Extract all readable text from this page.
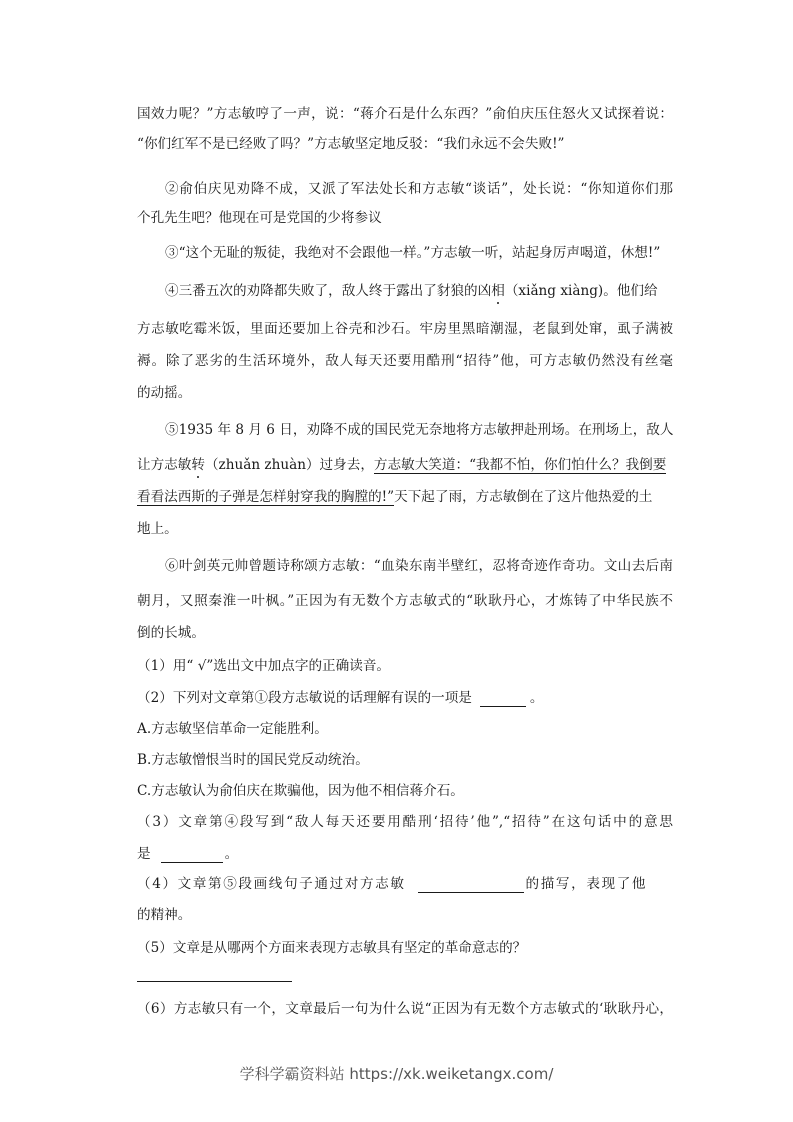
国效力呢？”方志敏哼了一声，说：“蒋介石是什么东西？”俞伯庆压住怒火又试探着说：
“你们红军不是已经败了吗？”方志敏坚定地反驳：“我们永远不会失败!”
②俞伯庆见劝降不成，又派了军法处长和方志敏“谈话”，处长说：“你知道你们那
个孔先生吧？他现在可是党国的少将参议
③“这个无耻的叛徒，我绝对不会跟他一样。”方志敏一听，站起身厉声喝道，休想!”
④三番五次的劝降都失败了，敌人终于露出了豺狼的凶相（xiǎng xiàng)。他们给
方志敏吃霉米饭，里面还要加上谷壳和沙石。牢房里黑暗潮湿，老鼠到处窜，虱子满被
褥。除了恶劣的生活环境外，敌人每天还要用酷刑“招待”他，可方志敏仍然没有丝毫
的动摇。
⑤1935 年 8 月 6 日，劝降不成的国民党无奈地将方志敏押赴刑场。在刑场上，敌人
让方志敏转（zhuǎn zhuàn）过身去，方志敏大笑道：“我都不怕，你们怕什么？我倒要
看看法西斯的子弹是怎样射穿我的胸膛的!”天下起了雨，方志敏倒在了这片他热爱的土
地上。
⑥叶剑英元帅曾题诗称颂方志敏：“血染东南半壁红，忍将奇迹作奇功。文山去后南
朝月，又照秦淮一叶枫。”正因为有无数个方志敏式的“耿耿丹心，才炼铸了中华民族不
倒的长城。
（1）用“ √”选出文中加点字的正确读音。
（2）下列对文章第①段方志敏说的话理解有误的一项是	。
A.方志敏坚信革命一定能胜利。
B.方志敏憎恨当时的国民党反动统治。
C.方志敏认为俞伯庆在欺骗他，因为他不相信蒋介石。
（3）文章第④段写到“敌人每天还要用酷刑‘招待’他”,“招待”在这句话中的意思
是	。
（4）文章第⑤段画线句子通过对方志敏	的描写，表现了他
的精神。
（5）文章是从哪两个方面来表现方志敏具有坚定的革命意志的？
（6）方志敏只有一个，文章最后一句为什么说“正因为有无数个方志敏式的‘耿耿丹心，
学科学霸资料站 https://xk.weiketangx.com/
